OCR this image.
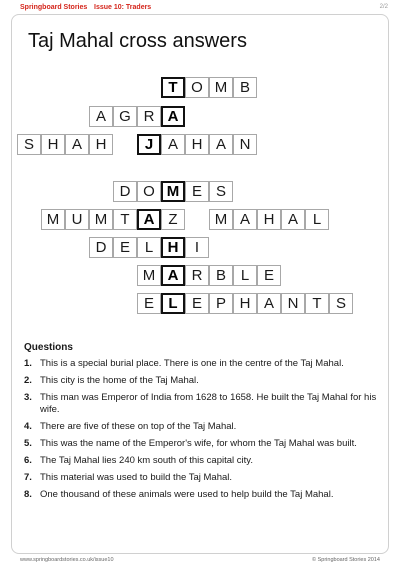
Springboard Stories Issue 10: Traders	2/2
Taj Mahal cross answers
T O M B
A G R A
S H A H	J A H A N
D O M E S
M U M T A Z	M A H A L
D E L H	I
M A R B L E
E L E P H A N T S
Questions
1. This is a special burial place. There is one in the centre of the Taj Mahal.
2. This city is the home of the Taj Mahal.
3. This man was Emperor of India from 1628 to 1658. He built the Taj Mahal for his wife.
4. There are five of these on top of the Taj Mahal.
5. This was the name of the Emperor's wife, for whom the Taj Mahal was built.
6. The Taj Mahal lies 240 km south of this capital city.
7. This material was used to build the Taj Mahal.
8. One thousand of these animals were used to help build the Taj Mahal.
www.springboardstories.co.uk/issue10	© Springboard Stories 2014
